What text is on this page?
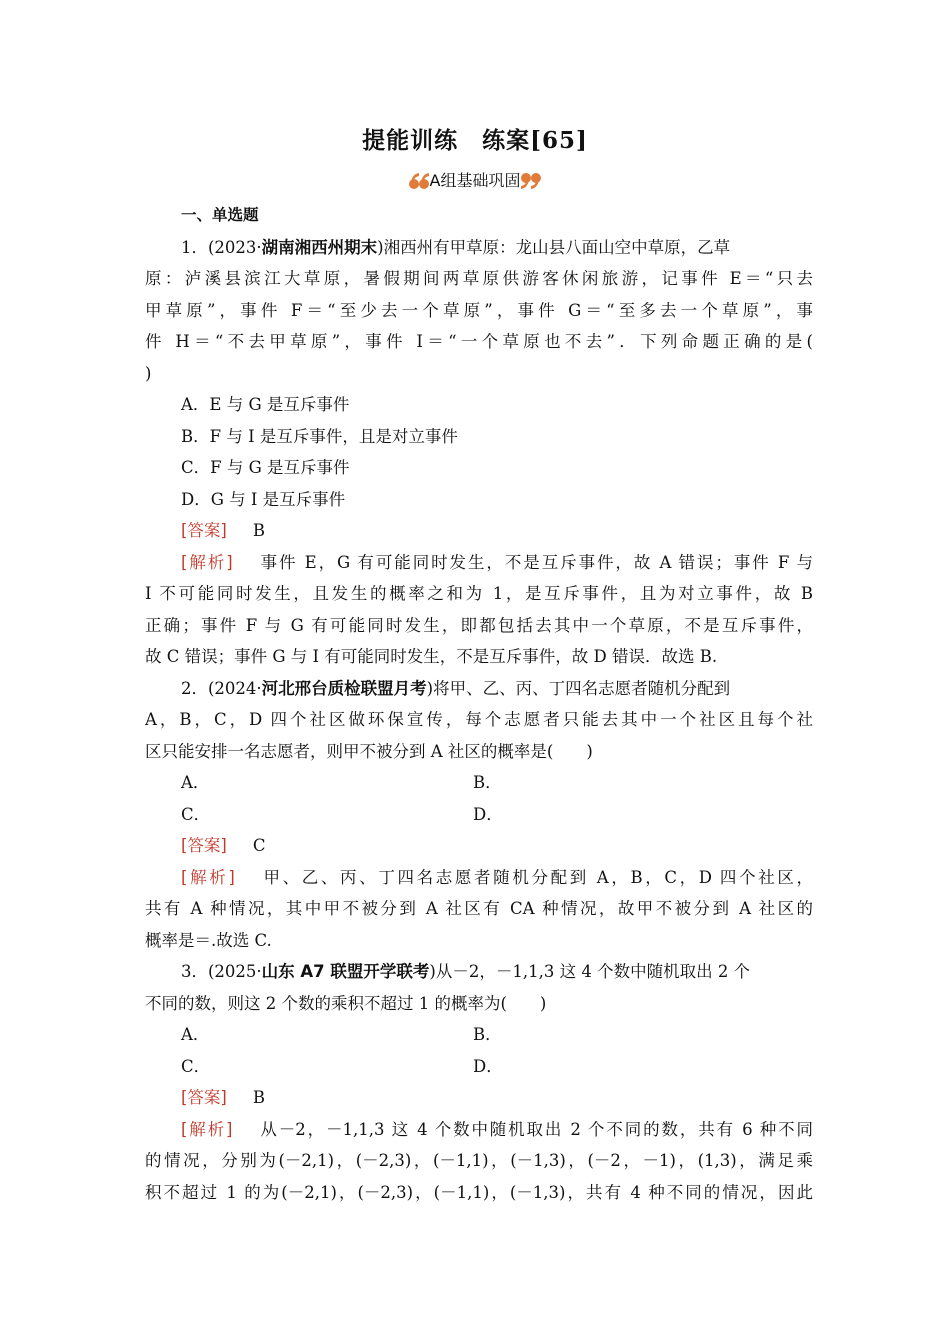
提能训练　练案[65]
A组基础巩固
一、单选题
1．(2023·湖南湘西州期末)湘西州有甲草原：龙山县八面山空中草原，乙草
原：泸溪县滨江大草原，暑假期间两草原供游客休闲旅游，记事件 E＝“只去
甲草原”，事件 F＝“至少去一个草原”，事件 G＝“至多去一个草原”，事
件 H＝“不去甲草原”，事件 I＝“一个草原也不去”．下列命题正确的是(
)
A．E 与 G 是互斥事件
B．F 与 I 是互斥事件，且是对立事件
C．F 与 G 是互斥事件
D．G 与 I 是互斥事件
[答案] B
[解析] 事件 E，G 有可能同时发生，不是互斥事件，故 A 错误；事件 F 与
I 不可能同时发生，且发生的概率之和为 1，是互斥事件，且为对立事件，故 B
正确；事件 F 与 G 有可能同时发生，即都包括去其中一个草原，不是互斥事件，
故 C 错误；事件 G 与 I 有可能同时发生，不是互斥事件，故 D 错误．故选 B.
2．(2024·河北邢台质检联盟月考)将甲、乙、丙、丁四名志愿者随机分配到
A，B，C，D 四个社区做环保宣传，每个志愿者只能去其中一个社区且每个社
区只能安排一名志愿者，则甲不被分到 A 社区的概率是(　　)
A．	B．
C．	D．
[答案] C
[解析] 甲、乙、丙、丁四名志愿者随机分配到 A，B，C，D 四个社区，
共有 A 种情况，其中甲不被分到 A 社区有 CA 种情况，故甲不被分到 A 社区的
概率是＝.故选 C.
3．(2025·山东 A7 联盟开学联考)从－2，－1,1,3 这 4 个数中随机取出 2 个
不同的数，则这 2 个数的乘积不超过 1 的概率为(　　)
A．	B．
C．	D．
[答案] B
[解析] 从－2，－1,1,3 这 4 个数中随机取出 2 个不同的数，共有 6 种不同
的情况，分别为(－2,1)，(－2,3)，(－1,1)，(－1,3)，(－2，－1)，(1,3)，满足乘
积不超过 1 的为(－2,1)，(－2,3)，(－1,1)，(－1,3)，共有 4 种不同的情况，因此
